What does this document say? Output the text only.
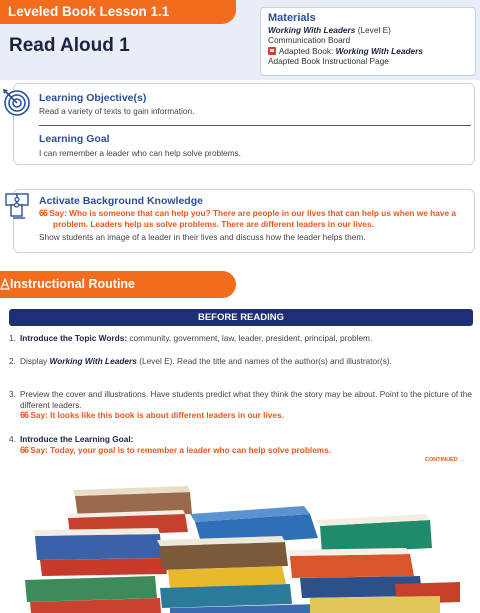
Leveled Book Lesson 1.1
Read Aloud 1
Materials
Working With Leaders (Level E)
Communication Board
Adapted Book: Working With Leaders
Adapted Book Instructional Page
Learning Objective(s)
Read a variety of texts to gain information.
Learning Goal
I can remember a leader who can help solve problems.
Activate Background Knowledge
66 Say: Who is someone that can help you? There are people in our lives that can help us when we have a problem. Leaders help us solve problems. There are different leaders in our lives.
Show students an image of a leader in their lives and discuss how the leader helps them.
Instructional Routine
BEFORE READING
1. Introduce the Topic Words: community, government, law, leader, president, principal, problem.
2. Display Working With Leaders (Level E). Read the title and names of the author(s) and illustrator(s).
3. Preview the cover and illustrations. Have students predict what they think the story may be about. Point to the picture of the different leaders.
66 Say: It looks like this book is about different leaders in our lives.
4. Introduce the Learning Goal:
66 Say: Today, your goal is to remember a leader who can help solve problems.
CONTINUED →
